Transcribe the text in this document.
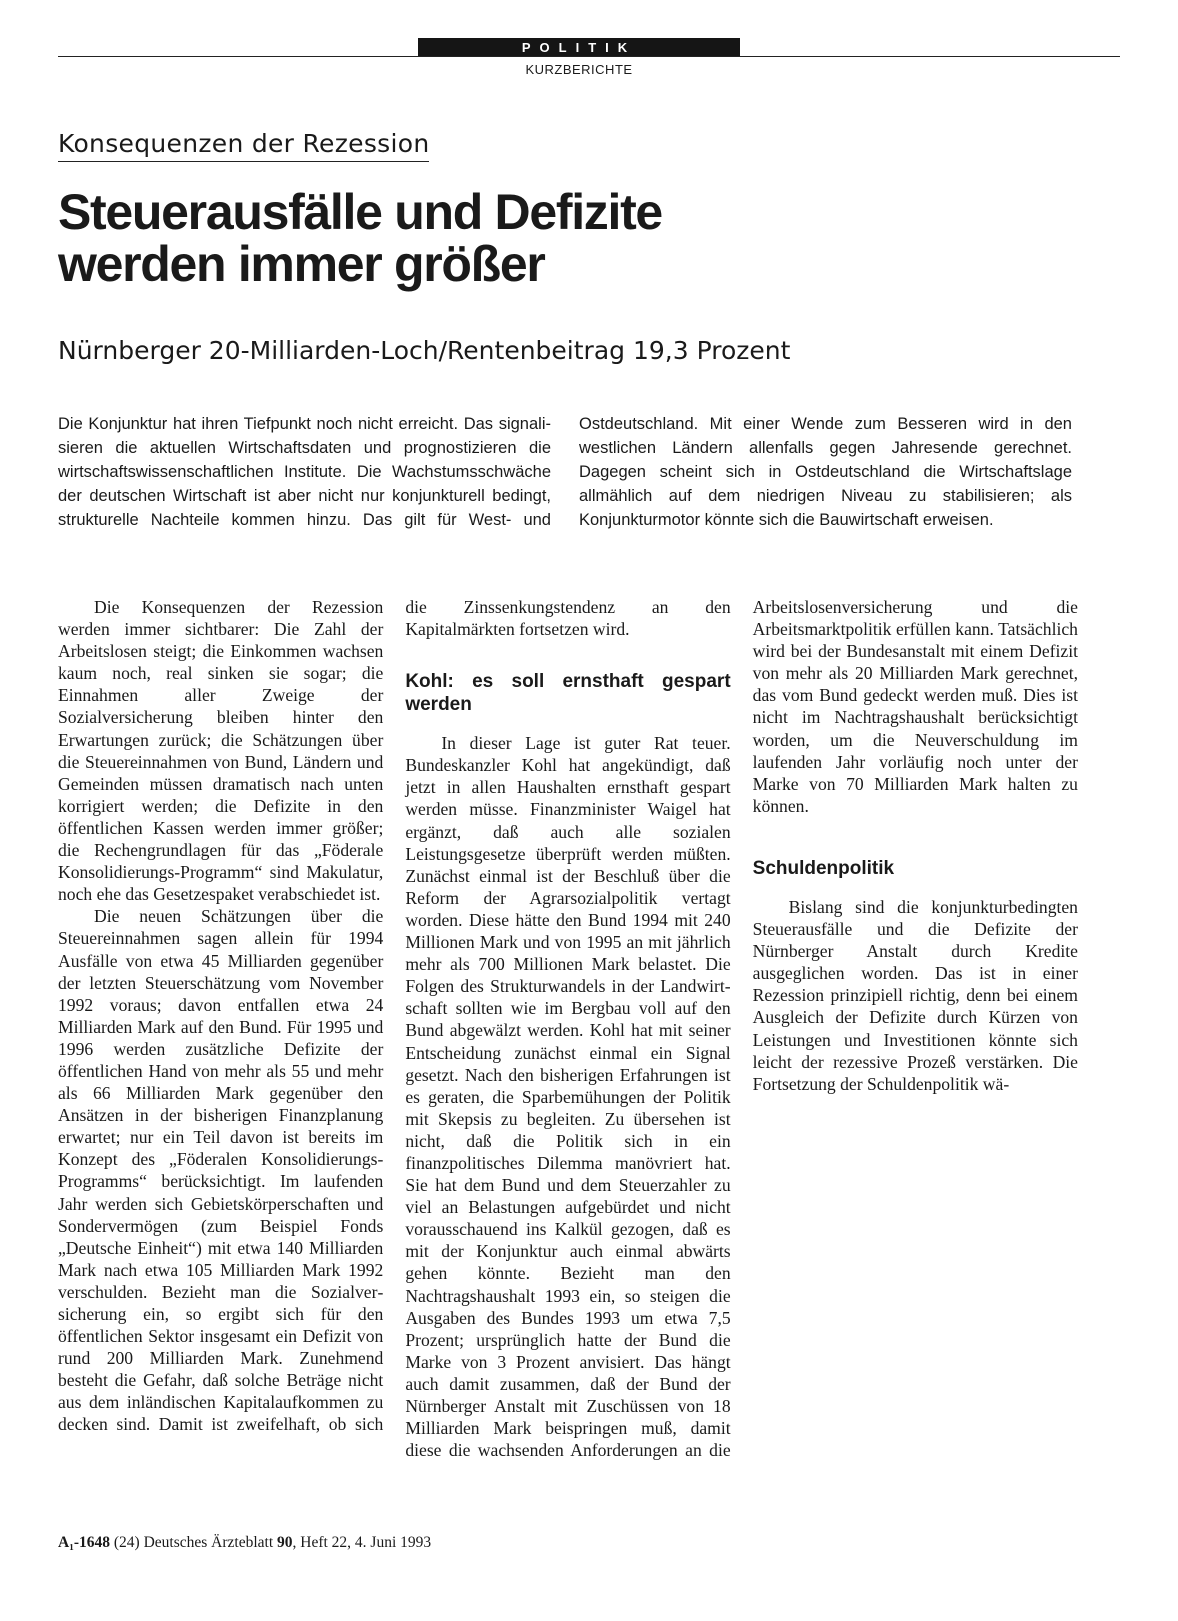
POLITIK
KURZBERICHTE
Konsequenzen der Rezession
Steuerausfälle und Defizite
werden immer größer
Nürnberger 20-Milliarden-Loch/Rentenbeitrag 19,3 Prozent

Die Konjunktur hat ihren Tiefpunkt noch nicht erreicht. Das signalisieren die aktuellen Wirtschaftsdaten und prognostizieren die wirtschaftswissenschaftlichen Institute. Die Wachstumsschwäche der deutschen Wirtschaft ist aber nicht nur konjunkturell bedingt, strukturelle Nachteile kommen hinzu. Das gilt für West- und Ostdeutschland. Mit einer Wende zum Besseren wird in den westlichen Ländern allenfalls gegen Jahresende gerechnet. Dagegen scheint sich in Ostdeutschland die Wirtschaftslage allmählich auf dem niedrigen Niveau zu stabilisieren; als Konjunkturmotor könnte sich die Bauwirtschaft erweisen.

Die Konsequenzen der Rezession werden immer sichtbarer: Die Zahl der Arbeitslosen steigt; die Einkommen wachsen kaum noch, real sinken sie sogar; die Einnahmen aller Zweige der Sozialversicherung bleiben hinter den Erwartungen zurück; die Schätzungen über die Steuereinnahmen von Bund, Ländern und Gemeinden müssen dramatisch nach unten korrigiert werden; die Defizite in den öffentlichen Kassen werden immer größer; die Rechengrundlagen für das „Föderale Konsolidierungs-Programm“ sind Makulatur, noch ehe das Gesetzespaket verabschiedet ist.

Die neuen Schätzungen über die Steuereinnahmen sagen allein für 1994 Ausfälle von etwa 45 Milliarden gegenüber der letzten Steuerschätzung vom November 1992 voraus; davon entfallen etwa 24 Milliarden Mark auf den Bund. Für 1995 und 1996 werden zusätzliche Defizite der öffentlichen Hand von mehr als 55 und mehr als 66 Milliarden Mark gegenüber den Ansätzen in der bisherigen Finanzplanung erwartet; nur ein Teil davon ist bereits im Konzept des „Föderalen Konsolidierungs-Programms“ berücksichtigt. Im laufenden Jahr werden sich Gebietskörperschaften und Sondervermögen (zum Beispiel Fonds „Deutsche Einheit“) mit etwa 140 Milliarden Mark nach etwa 105 Milliarden Mark 1992 verschulden. Bezieht man die Sozialversicherung ein, so ergibt sich für den öffentlichen Sektor insgesamt ein Defizit von rund 200 Milliarden Mark. Zunehmend besteht die Gefahr, daß solche Beträge nicht aus dem inländischen Kapitalaufkommen zu decken sind. Damit ist zweifelhaft, ob sich die Zinssenkungstendenz an den Kapitalmärkten fortsetzen wird.

Kohl: es soll ernsthaft gespart werden

In dieser Lage ist guter Rat teuer. Bundeskanzler Kohl hat angekündigt, daß jetzt in allen Haushalten ernsthaft gespart werden müsse. Finanzminister Waigel hat ergänzt, daß auch alle sozialen Leistungsgesetze überprüft werden müßten. Zunächst einmal ist der Beschluß über die Reform der Agrarsozialpolitik vertagt worden. Diese hätte den Bund 1994 mit 240 Millionen Mark und von 1995 an mit jährlich mehr als 700 Millionen Mark belastet. Die Folgen des Strukturwandels in der Landwirtschaft sollten wie im Bergbau voll auf den Bund abgewälzt werden. Kohl hat mit seiner Entscheidung zunächst einmal ein Signal gesetzt. Nach den bisherigen Erfahrungen ist es geraten, die Sparbemühungen der Politik mit Skepsis zu begleiten. Zu übersehen ist nicht, daß die Politik sich in ein finanzpolitisches Dilemma manövriert hat. Sie hat dem Bund und dem Steuerzahler zu viel an Belastungen aufgebürdet und nicht vorausschauend ins Kalkül gezogen, daß es mit der Konjunktur auch einmal abwärts gehen könnte. Bezieht man den Nachtragshaushalt 1993 ein, so steigen die Ausgaben des Bundes 1993 um etwa 7,5 Prozent; ursprünglich hatte der Bund die Marke von 3 Prozent anvisiert. Das hängt auch damit zusammen, daß der Bund der Nürnberger Anstalt mit Zuschüssen von 18 Milliarden Mark beispringen muß, damit diese die wachsenden Anforderungen an die Arbeitslosenversicherung und die Arbeitsmarktpolitik erfüllen kann. Tatsächlich wird bei der Bundesanstalt mit einem Defizit von mehr als 20 Milliarden Mark gerechnet, das vom Bund gedeckt werden muß. Dies ist nicht im Nachtragshaushalt berücksichtigt worden, um die Neuverschuldung im laufenden Jahr vorläufig noch unter der Marke von 70 Milliarden Mark halten zu können.

Schuldenpolitik

Bislang sind die konjunkturbedingten Steuerausfälle und die Defizite der Nürnberger Anstalt durch Kredite ausgeglichen worden. Das ist in einer Rezession prinzipiell richtig, denn bei einem Ausgleich der Defizite durch Kürzen von Leistungen und Investitionen könnte sich leicht der rezessive Prozeß verstärken. Die Fortsetzung der Schuldenpolitik wä-

A₁-1648 (24) Deutsches Ärzteblatt 90, Heft 22, 4. Juni 1993
